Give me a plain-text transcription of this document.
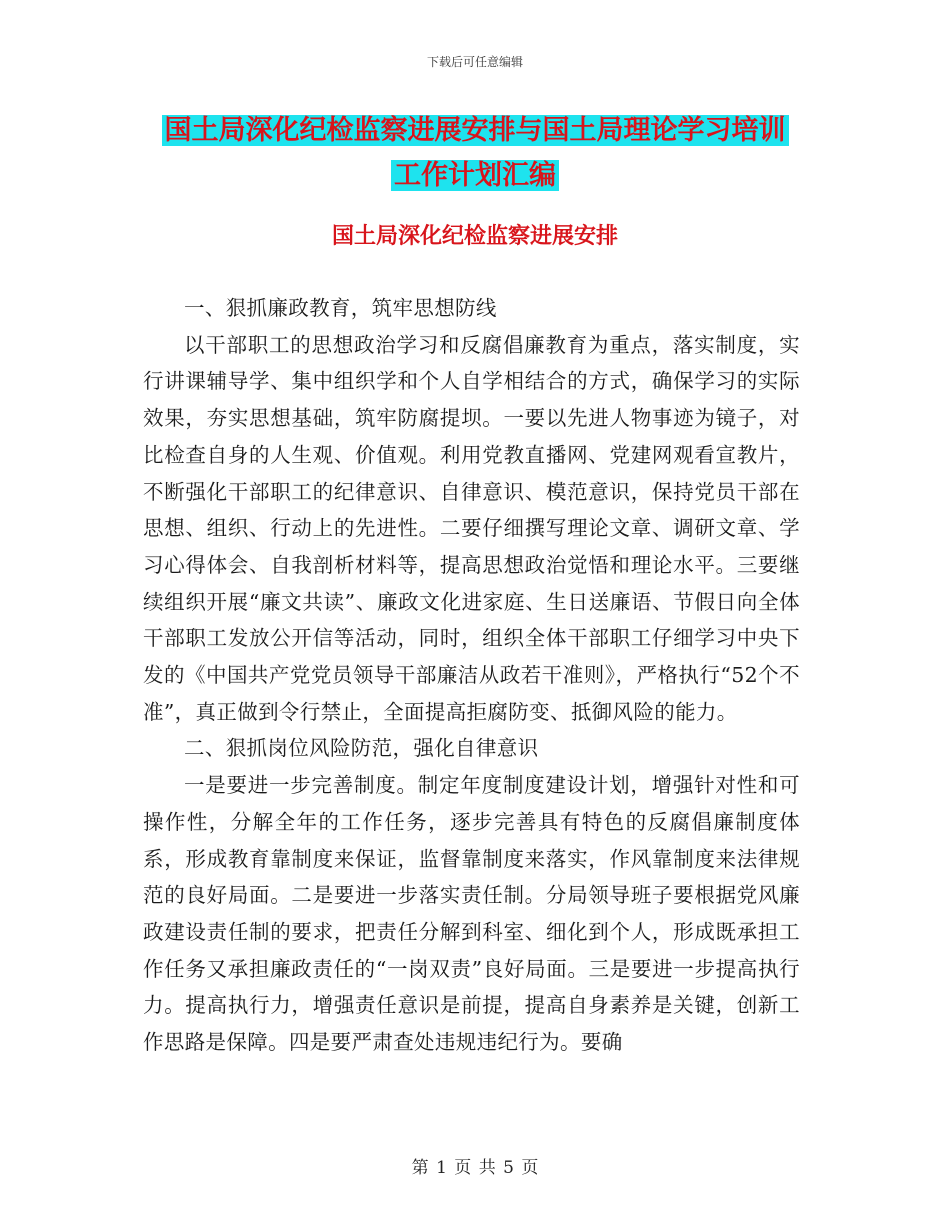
下载后可任意编辑
国土局深化纪检监察进展安排与国土局理论学习培训
工作计划汇编
国土局深化纪检监察进展安排

一、狠抓廉政教育，筑牢思想防线

以干部职工的思想政治学习和反腐倡廉教育为重点，落实制度，实行讲课辅导学、集中组织学和个人自学相结合的方式，确保学习的实际效果，夯实思想基础，筑牢防腐提坝。一要以先进人物事迹为镜子，对比检查自身的人生观、价值观。利用党教直播网、党建网观看宣教片，不断强化干部职工的纪律意识、自律意识、模范意识，保持党员干部在思想、组织、行动上的先进性。二要仔细撰写理论文章、调研文章、学习心得体会、自我剖析材料等，提高思想政治觉悟和理论水平。三要继续组织开展“廉文共读”、廉政文化进家庭、生日送廉语、节假日向全体干部职工发放公开信等活动，同时，组织全体干部职工仔细学习中央下发的《中国共产党党员领导干部廉洁从政若干准则》，严格执行“52个不准”，真正做到令行禁止，全面提高拒腐防变、抵御风险的能力。

二、狠抓岗位风险防范，强化自律意识

一是要进一步完善制度。制定年度制度建设计划，增强针对性和可操作性，分解全年的工作任务，逐步完善具有特色的反腐倡廉制度体系，形成教育靠制度来保证，监督靠制度来落实，作风靠制度来法律规范的良好局面。二是要进一步落实责任制。分局领导班子要根据党风廉政建设责任制的要求，把责任分解到科室、细化到个人，形成既承担工作任务又承担廉政责任的“一岗双责”良好局面。三是要进一步提高执行力。提高执行力，增强责任意识是前提，提高自身素养是关键，创新工作思路是保障。四是要严肃查处违规违纪行为。要确

第 1 页 共 5 页
